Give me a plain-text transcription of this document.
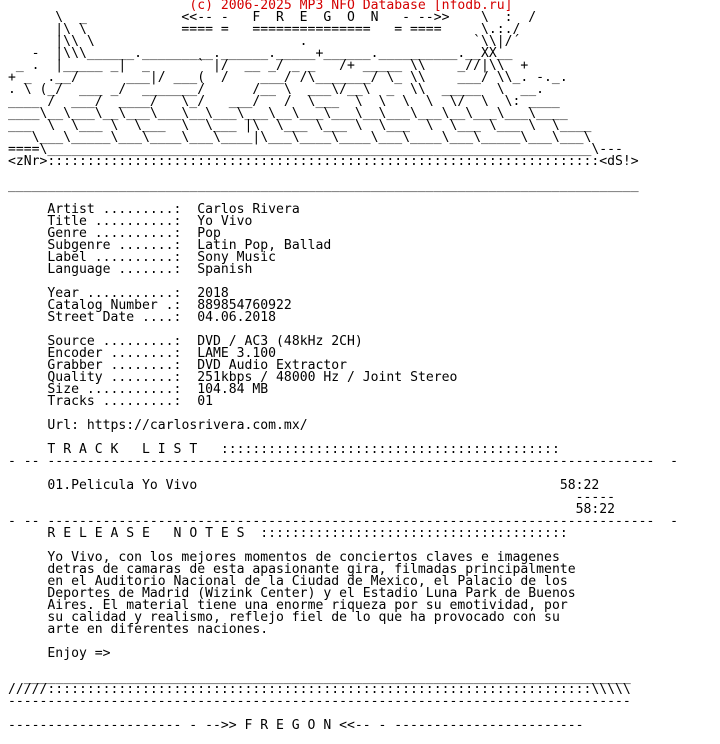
(c) 2006-2025 MP3 NFO Database [nfodb.ru]
\  _            <<-- -   F  R  E  G  O  N   - -->>    \  :  /
|\ \            ==== =   ===============   = ====     \.:./
|\\ \                          .                     `\\|/´
-  |\\\______._________.______._____+______.__________.__XX__
_ .  |_____ _|  _      ` |/  __ _/ _ _   /+ _____ \\    _//|\\  +
+ _  .__/      ___|/ ___(  /    ___/ /\_______/ \_ \\    ___/ \\_. -._.
. \ (_/  ___ _/  _______/      /__ \  ___\/__\  _  \\  _____  \  __.
____ /  ___/  ____/   \_/   ___/   /  \___  \  \  \  \  \/  \  \: ____
____\__\___\__\___\___\__\___\___\__\___\___\__\___\___\__\___\___\____
___  \  \___ \  \___  \  \___ |\  \___ \___ \  \___  \  \___ \___ \  \____
\___\_____\___\____\___\____|\___\____\____\___\____\___\_____\___\___\
====\_____________________________________________________________________\---
<zNr>::::::::::::::::::::::::::::::::::::::::::::::::::::::::::::::::::::::<dS!>
________________________________________________________________________________
Artist .........: Carlos Rivera
Title ..........: Yo Vivo
Genre ..........: Pop
Subgenre .......: Latin Pop, Ballad
Label ..........: Sony Music
Language .......: Spanish
Year ...........: 2018
Catalog Number .: 889854760922
Street Date ....: 04.06.2018
Source .........: DVD / AC3 (48kHz 2CH)
Encoder ........: LAME 3.100
Grabber ........: DVD Audio Extractor
Quality ........: 251kbps / 48000 Hz / Joint Stereo
Size ...........: 104.84 MB
Tracks .........: 01
Url: https://carlosrivera.com.mx/
T R A C K   L I S T   :::::::::::::::::::::::::::::::::::::::::::
- -- -----------------------------------------------------------------------------  -
01.Pelicula Yo Vivo	58:22
-----
58:22
- -- -----------------------------------------------------------------------------  -
R E L E A S E   N O T E S  :::::::::::::::::::::::::::::::::::::::
Yo Vivo, con los mejores momentos de conciertos claves e imagenes
detras de camaras de esta apasionante gira, filmadas principalmente
en el Auditorio Nacional de la Ciudad de Mexico, el Palacio de los
Deportes de Madrid (Wizink Center) y el Estadio Luna Park de Buenos
Aires. El material tiene una enorme riqueza por su emotividad, por
su calidad y realismo, reflejo fiel de lo que ha provocado con su
arte en diferentes naciones.
Enjoy =>
_____________________________________________________________________________
/////:::::::::::::::::::::::::::::::::::::::::::::::::::::::::::::::::::::\\\\\
-------------------------------------------------------------------------------
---------------------- - -->> F R E G O N <<-- - ------------------------
